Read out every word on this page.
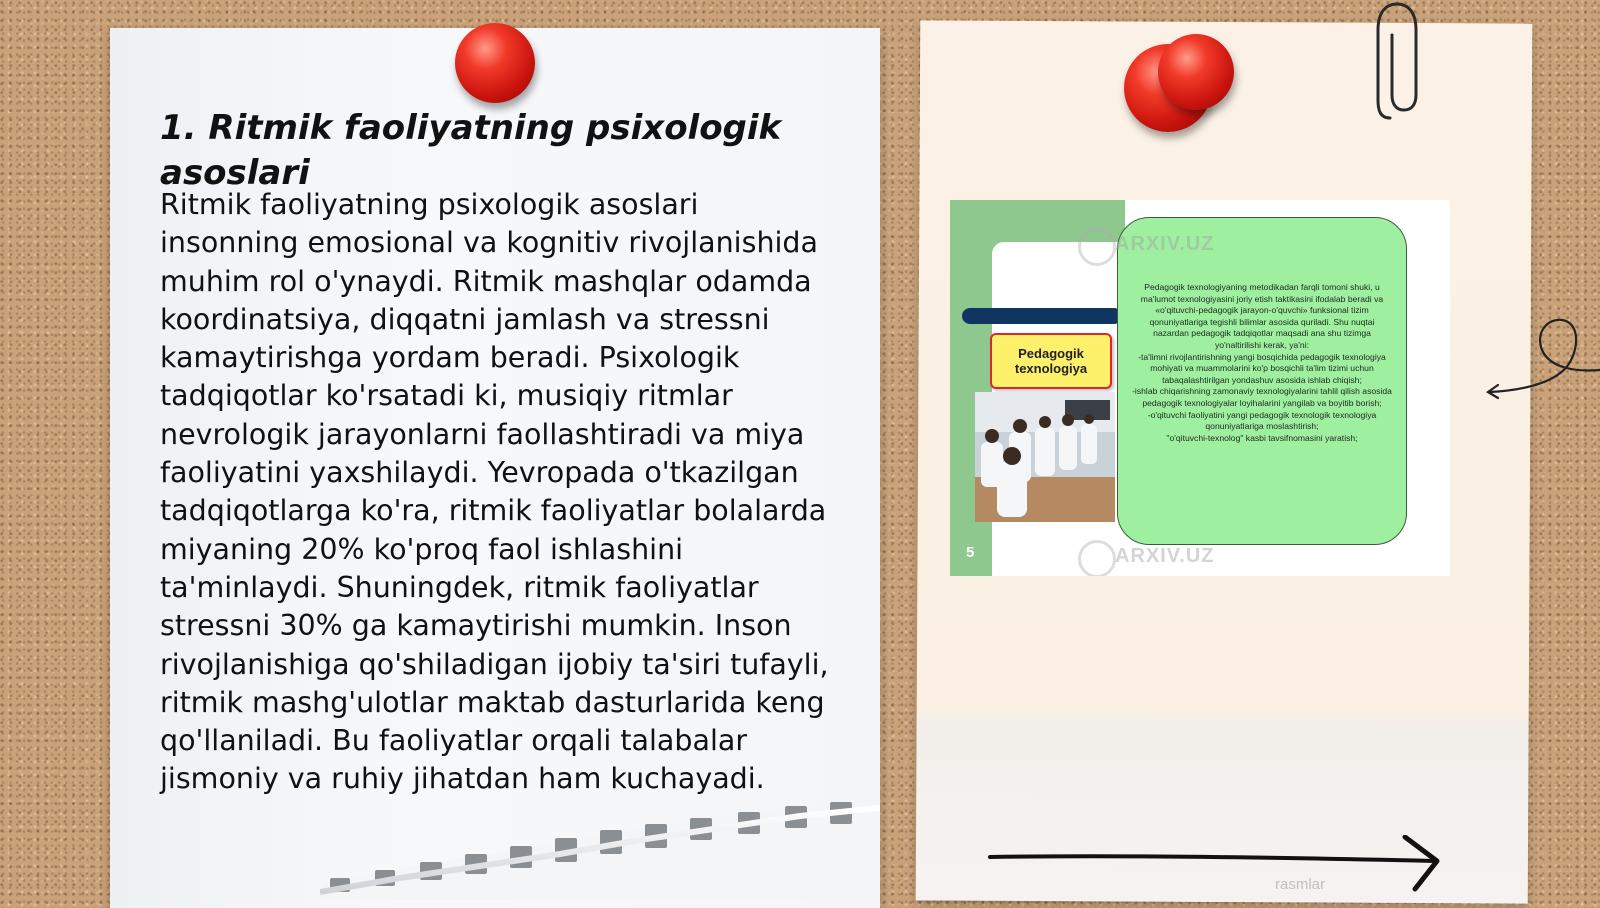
1. Ritmik faoliyatning psixologik asoslari

Ritmik faoliyatning psixologik asoslari insonning emosional va kognitiv rivojlanishida muhim rol o'ynaydi. Ritmik mashqlar odamda koordinatsiya, diqqatni jamlash va stressni kamaytirishga yordam beradi. Psixologik tadqiqotlar ko'rsatadi ki, musiqiy ritmlar nevrologik jarayonlarni faollashtiradi va miya faoliyatini yaxshilaydi. Yevropada o'tkazilgan tadqiqotlarga ko'ra, ritmik faoliyatlar bolalarda miyaning 20% ko'proq faol ishlashini ta'minlaydi. Shuningdek, ritmik faoliyatlar stressni 30% ga kamaytirishi mumkin. Inson rivojlanishiga qo'shiladigan ijobiy ta'siri tufayli, ritmik mashg'ulotlar maktab dasturlarida keng qo'llaniladi. Bu faoliyatlar orqali talabalar jismoniy va ruhiy jihatdan ham kuchayadi.

Pedagogik
texnologiya
5
Pedagogik texnologiyaning metodikadan farqli tomoni shuki, u ma'lumot texnologiyasini joriy etish taktikasini ifodalab beradi va «o'qituvchi-pedagogik jarayon-o'quvchi» funksional tizim qonuniyatlariga tegishli bilimlar asosida quriladi. Shu nuqtai nazardan pedagogik tadqiqotlar maqsadi ana shu tizimga yo'naltirilishi kerak, ya'ni:
-ta'limni rivojlantirishning yangi bosqichida pedagogik texnologiya mohiyati va muammolarini ko'p bosqichli ta'lim tizimi uchun tabaqalashtirilgan yondashuv asosida ishlab chiqish;
-ishlab chiqarishning zamonaviy texnologiyalarini tahlil qilish asosida pedagogik texnologiyalar loyihalarini yangilab va boyitib borish;
-o'qituvchi faoliyatini yangi pedagogik texnologik texnologiya qonuniyatlariga moslashtirish;
"o'qituvchi-texnolog" kasbi tavsifnomasini yaratish;
ARXIV.UZ
ARXIV.UZ
rasmlar
